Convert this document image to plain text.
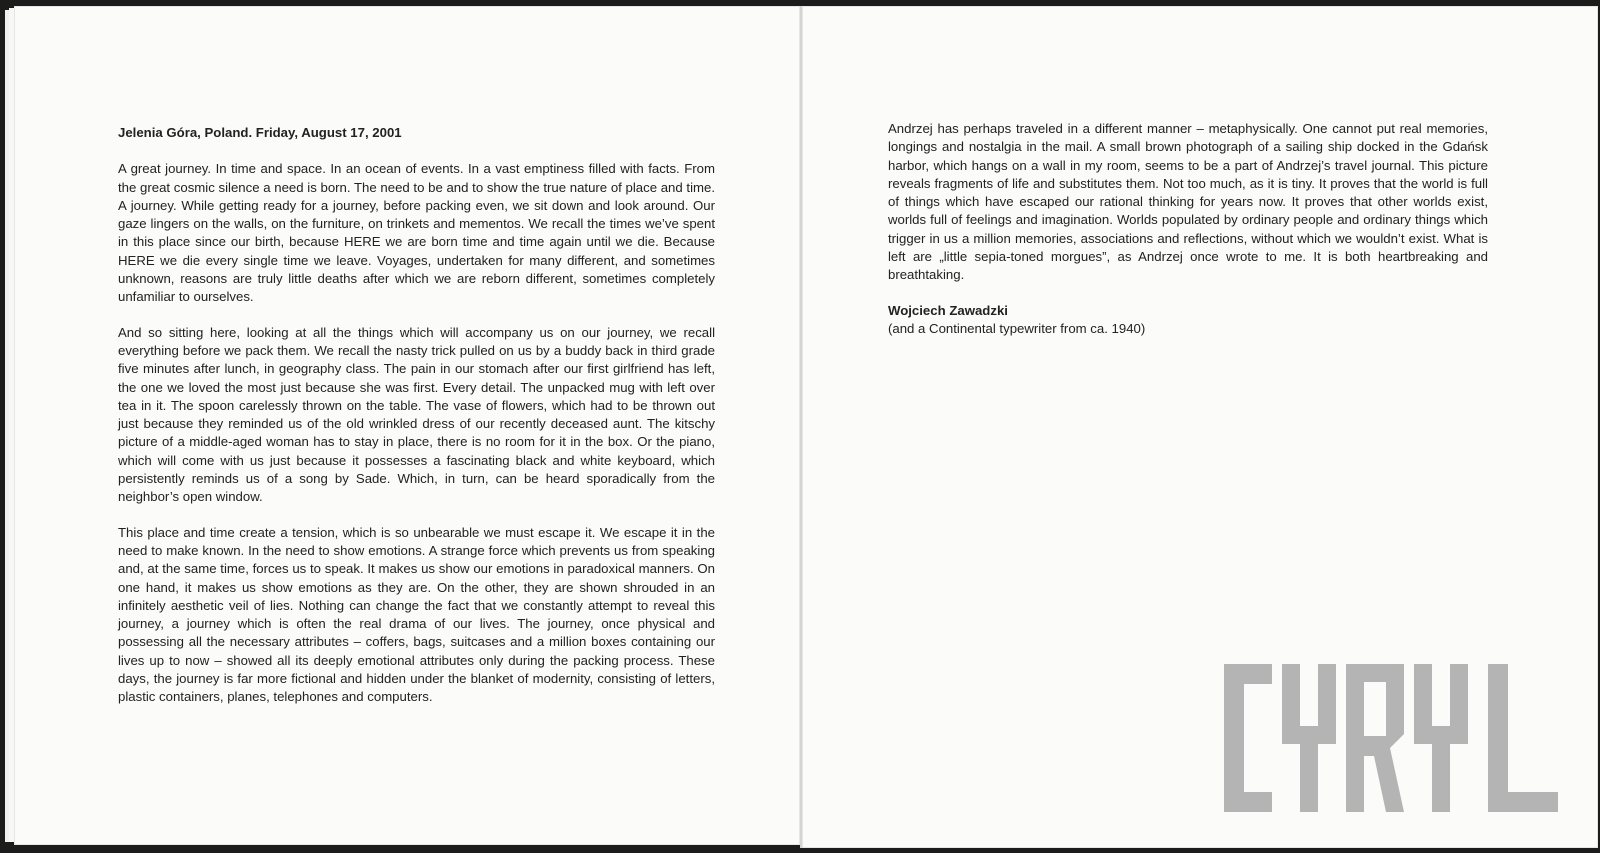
Jelenia Góra, Poland. Friday, August 17, 2001

A great journey. In time and space. In an ocean of events. In a vast emptiness filled with facts. From the great cosmic silence a need is born. The need to be and to show the true nature of place and time. A journey. While getting ready for a journey, before packing even, we sit down and look around. Our gaze lingers on the walls, on the furniture, on trinkets and mementos. We recall the times we’ve spent in this place since our birth, because HERE we are born time and time again until we die. Because HERE we die every single time we leave. Voyages, undertaken for many different, and sometimes unknown, reasons are truly little deaths after which we are reborn different, sometimes completely unfamiliar to ourselves.

And so sitting here, looking at all the things which will accompany us on our journey, we recall everything before we pack them. We recall the nasty trick pulled on us by a buddy back in third grade five minutes after lunch, in geography class. The pain in our stomach after our first girlfriend has left, the one we loved the most just because she was first. Every detail. The unpacked mug with left over tea in it. The spoon carelessly thrown on the table. The vase of flowers, which had to be thrown out just because they reminded us of the old wrinkled dress of our recently deceased aunt. The kitschy picture of a middle-aged woman has to stay in place, there is no room for it in the box. Or the piano, which will come with us just because it possesses a fascinating black and white keyboard, which persistently reminds us of a song by Sade. Which, in turn, can be heard sporadically from the neighbor’s open window.

This place and time create a tension, which is so unbearable we must escape it. We escape it in the need to make known. In the need to show emotions. A strange force which prevents us from speaking and, at the same time, forces us to speak. It makes us show our emotions in paradoxical manners. On one hand, it makes us show emotions as they are. On the other, they are shown shrouded in an infinitely aesthetic veil of lies. Nothing can change the fact that we constantly attempt to reveal this journey, a journey which is often the real drama of our lives. The journey, once physical and possessing all the necessary attributes – coffers, bags, suitcases and a million boxes containing our lives up to now – showed all its deeply emotional attributes only during the packing process. These days, the journey is far more fictional and hidden under the blanket of modernity, consisting of letters, plastic containers, planes, telephones and computers.

Andrzej has perhaps traveled in a different manner – metaphysically. One cannot put real memories, longings and nostalgia in the mail. A small brown photograph of a sailing ship docked in the Gdańsk harbor, which hangs on a wall in my room, seems to be a part of Andrzej’s travel journal. This picture reveals fragments of life and substitutes them. Not too much, as it is tiny. It proves that the world is full of things which have escaped our rational thinking for years now. It proves that other worlds exist, worlds full of feelings and imagination. Worlds populated by ordinary people and ordinary things which trigger in us a million memories, associations and reflections, without which we wouldn’t exist. What is left are „little sepia-toned morgues”, as Andrzej once wrote to me. It is both heartbreaking and breathtaking.

Wojciech Zawadzki

(and a Continental typewriter from ca. 1940)
